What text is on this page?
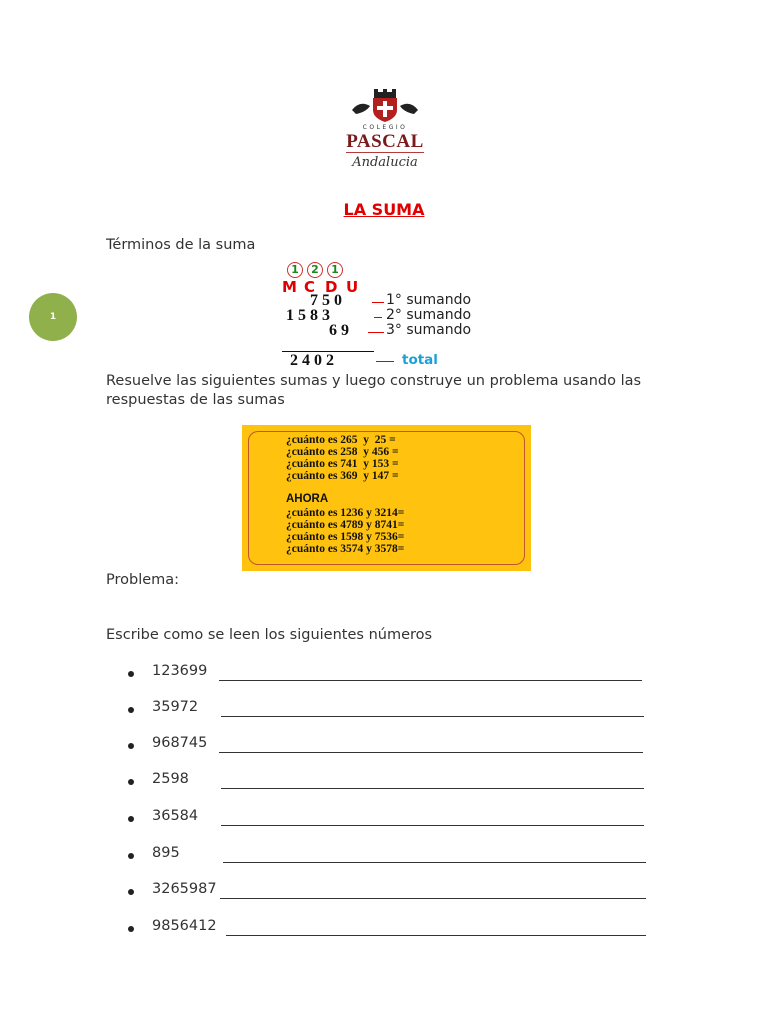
COLEGIO
PASCAL
Andalucia
LA SUMA
Términos de la suma
1
1	2	1
M C D U
7 5 0	1° sumando
1 5 8 3	2° sumando
6 9	3° sumando
2 4 0 2	total
Resuelve las siguientes sumas y luego construye un problema usando las respuestas de las sumas
¿cuánto es 265  y  25 =
¿cuánto es 258  y 456 =
¿cuánto es 741  y 153 =
¿cuánto es 369  y 147 =
AHORA
¿cuánto es 1236 y 3214=
¿cuánto es 4789 y 8741=
¿cuánto es 1598 y 7536=
¿cuánto es 3574 y 3578=
Problema:
Escribe como se leen los siguientes números
123699
35972
968745
2598
36584
895
3265987
9856412
